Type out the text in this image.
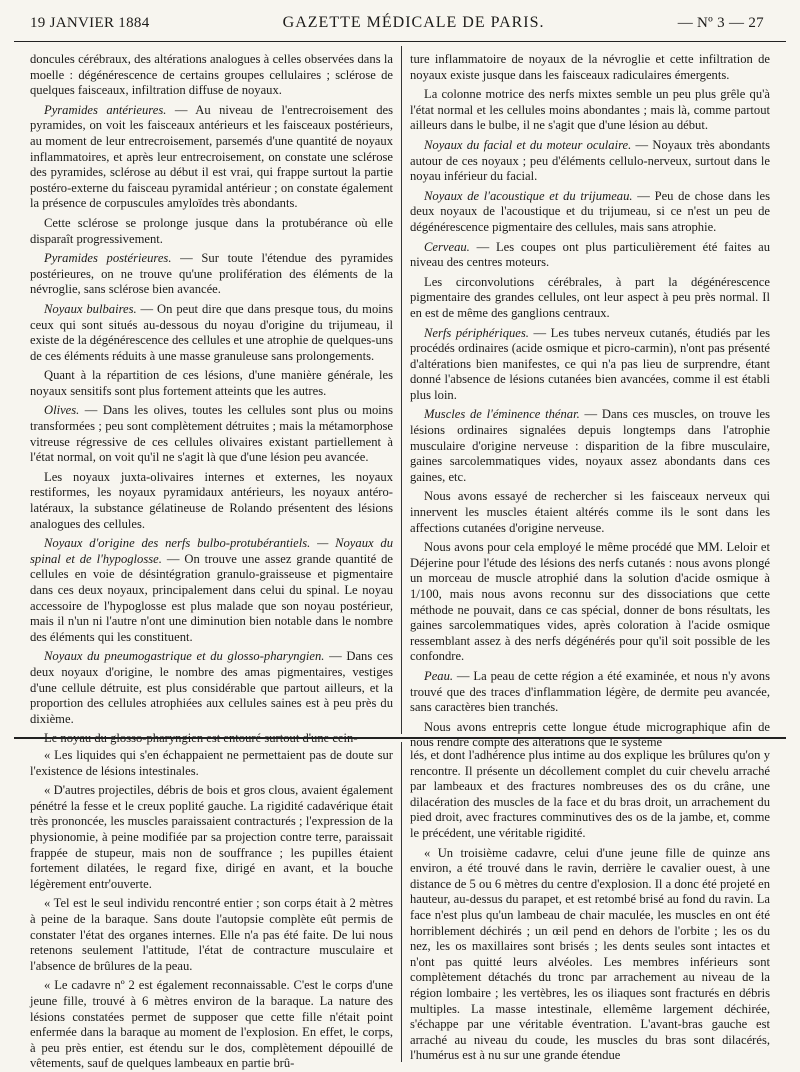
19 JANVIER 1884	GAZETTE MÉDICALE DE PARIS.	— Nº 3 — 27

doncules cérébraux, des altérations analogues à celles observées dans la moelle : dégénérescence de certains groupes cellulaires ; sclérose de quelques faisceaux, infiltration diffuse de noyaux.

Pyramides antérieures. — Au niveau de l'entrecroisement des pyramides, on voit les faisceaux antérieurs et les faisceaux postérieurs, au moment de leur entrecroisement, parsemés d'une quantité de noyaux inflammatoires, et après leur entrecroisement, on constate une sclérose des pyramides, sclérose au début il est vrai, qui frappe surtout la partie postéro-externe du faisceau pyramidal antérieur ; on constate également la présence de corpuscules amyloïdes très abondants.

Cette sclérose se prolonge jusque dans la protubérance où elle disparaît progressivement.

Pyramides postérieures. — Sur toute l'étendue des pyramides postérieures, on ne trouve qu'une prolifération des éléments de la névroglie, sans sclérose bien avancée.

Noyaux bulbaires. — On peut dire que dans presque tous, du moins ceux qui sont situés au-dessous du noyau d'origine du trijumeau, il existe de la dégénérescence des cellules et une atrophie de quelques-uns de ces éléments réduits à une masse granuleuse sans prolongements.

Quant à la répartition de ces lésions, d'une manière générale, les noyaux sensitifs sont plus fortement atteints que les autres.

Olives. — Dans les olives, toutes les cellules sont plus ou moins transformées ; peu sont complètement détruites ; mais la métamorphose vitreuse régressive de ces cellules olivaires existant partiellement à l'état normal, on voit qu'il ne s'agit là que d'une lésion peu avancée.

Les noyaux juxta-olivaires internes et externes, les noyaux restiformes, les noyaux pyramidaux antérieurs, les noyaux antéro-latéraux, la substance gélatineuse de Rolando présentent des lésions analogues des cellules.

Noyaux d'origine des nerfs bulbo-protubérantiels. — Noyaux du spinal et de l'hypoglosse. — On trouve une assez grande quantité de cellules en voie de désintégration granulo-graisseuse et pigmentaire dans ces deux noyaux, principalement dans celui du spinal. Le noyau accessoire de l'hypoglosse est plus malade que son noyau postérieur, mais il n'un ni l'autre n'ont une diminution bien notable dans le nombre des éléments qui les constituent.

Noyaux du pneumogastrique et du glosso-pharyngien. — Dans ces deux noyaux d'origine, le nombre des amas pigmentaires, vestiges d'une cellule détruite, est plus considérable que partout ailleurs, et la proportion des cellules atrophiées aux cellules saines est à peu près du dixième.

Le noyau du glosso-pharyngien est entouré surtout d'une cein-

ture inflammatoire de noyaux de la névroglie et cette infiltration de noyaux existe jusque dans les faisceaux radiculaires émergents.

La colonne motrice des nerfs mixtes semble un peu plus grêle qu'à l'état normal et les cellules moins abondantes ; mais là, comme partout ailleurs dans le bulbe, il ne s'agit que d'une lésion au début.

Noyaux du facial et du moteur oculaire. — Noyaux très abondants autour de ces noyaux ; peu d'éléments cellulo-nerveux, surtout dans le noyau inférieur du facial.

Noyaux de l'acoustique et du trijumeau. — Peu de chose dans les deux noyaux de l'acoustique et du trijumeau, si ce n'est un peu de dégénérescence pigmentaire des cellules, mais sans atrophie.

Cerveau. — Les coupes ont plus particulièrement été faites au niveau des centres moteurs.

Les circonvolutions cérébrales, à part la dégénérescence pigmentaire des grandes cellules, ont leur aspect à peu près normal. Il en est de même des ganglions centraux.

Nerfs périphériques. — Les tubes nerveux cutanés, étudiés par les procédés ordinaires (acide osmique et picro-carmin), n'ont pas présenté d'altérations bien manifestes, ce qui n'a pas lieu de surprendre, étant donné l'absence de lésions cutanées bien avancées, comme il est établi plus loin.

Muscles de l'éminence thénar. — Dans ces muscles, on trouve les lésions ordinaires signalées depuis longtemps dans l'atrophie musculaire d'origine nerveuse : disparition de la fibre musculaire, gaines sarcolemmatiques vides, noyaux assez abondants dans ces gaines, etc.

Nous avons essayé de rechercher si les faisceaux nerveux qui innervent les muscles étaient altérés comme ils le sont dans les affections cutanées d'origine nerveuse.

Nous avons pour cela employé le même procédé que MM. Leloir et Déjerine pour l'étude des lésions des nerfs cutanés : nous avons plongé un morceau de muscle atrophié dans la solution d'acide osmique à 1/100, mais nous avons reconnu sur des dissociations que cette méthode ne pouvait, dans ce cas spécial, donner de bons résultats, les gaines sarcolemmatiques vides, après coloration à l'acide osmique ressemblant assez à des nerfs dégénérés pour qu'il soit possible de les confondre.

Peau. — La peau de cette région a été examinée, et nous n'y avons trouvé que des traces d'inflammation légère, de dermite peu avancée, sans caractères bien tranchés.

Nous avons entrepris cette longue étude micrographique afin de nous rendre compte des altérations que le système

« Les liquides qui s'en échappaient ne permettaient pas de doute sur l'existence de lésions intestinales.

« D'autres projectiles, débris de bois et gros clous, avaient également pénétré la fesse et le creux poplité gauche. La rigidité cadavérique était très prononcée, les muscles paraissaient contracturés ; l'expression de la physionomie, à peine modifiée par sa projection contre terre, paraissait frappée de stupeur, mais non de souffrance ; les pupilles étaient fortement dilatées, le regard fixe, dirigé en avant, et la bouche légèrement entr'ouverte.

« Tel est le seul individu rencontré entier ; son corps était à 2 mètres à peine de la baraque. Sans doute l'autopsie complète eût permis de constater l'état des organes internes. Elle n'a pas été faite. De lui nous retenons seulement l'attitude, l'état de contracture musculaire et l'absence de brûlures de la peau.

« Le cadavre nº 2 est également reconnaissable. C'est le corps d'une jeune fille, trouvé à 6 mètres environ de la baraque. La nature des lésions constatées permet de supposer que cette fille n'était point enfermée dans la baraque au moment de l'explosion. En effet, le corps, à peu près entier, est étendu sur le dos, complètement dépouillé de vêtements, sauf de quelques lambeaux en partie brû-

lés, et dont l'adhérence plus intime au dos explique les brûlures qu'on y rencontre. Il présente un décollement complet du cuir chevelu arraché par lambeaux et des fractures nombreuses des os du crâne, une dilacération des muscles de la face et du bras droit, un arrachement du pied droit, avec fractures comminutives des os de la jambe, et, comme le précédent, une véritable rigidité.

« Un troisième cadavre, celui d'une jeune fille de quinze ans environ, a été trouvé dans le ravin, derrière le cavalier ouest, à une distance de 5 ou 6 mètres du centre d'explosion. Il a donc été projeté en hauteur, au-dessus du parapet, et est retombé brisé au fond du ravin. La face n'est plus qu'un lambeau de chair maculée, les muscles en ont été horriblement déchirés ; un œil pend en dehors de l'orbite ; les os du nez, les os maxillaires sont brisés ; les dents seules sont intactes et n'ont pas quitté leurs alvéoles. Les membres inférieurs sont complètement détachés du tronc par arrachement au niveau de la région lombaire ; les vertèbres, les os iliaques sont fracturés en débris multiples. La masse intestinale, ellemême largement déchirée, s'échappe par une véritable éventration. L'avant-bras gauche est arraché au niveau du coude, les muscles du bras sont dilacérés, l'humérus est à nu sur une grande étendue
